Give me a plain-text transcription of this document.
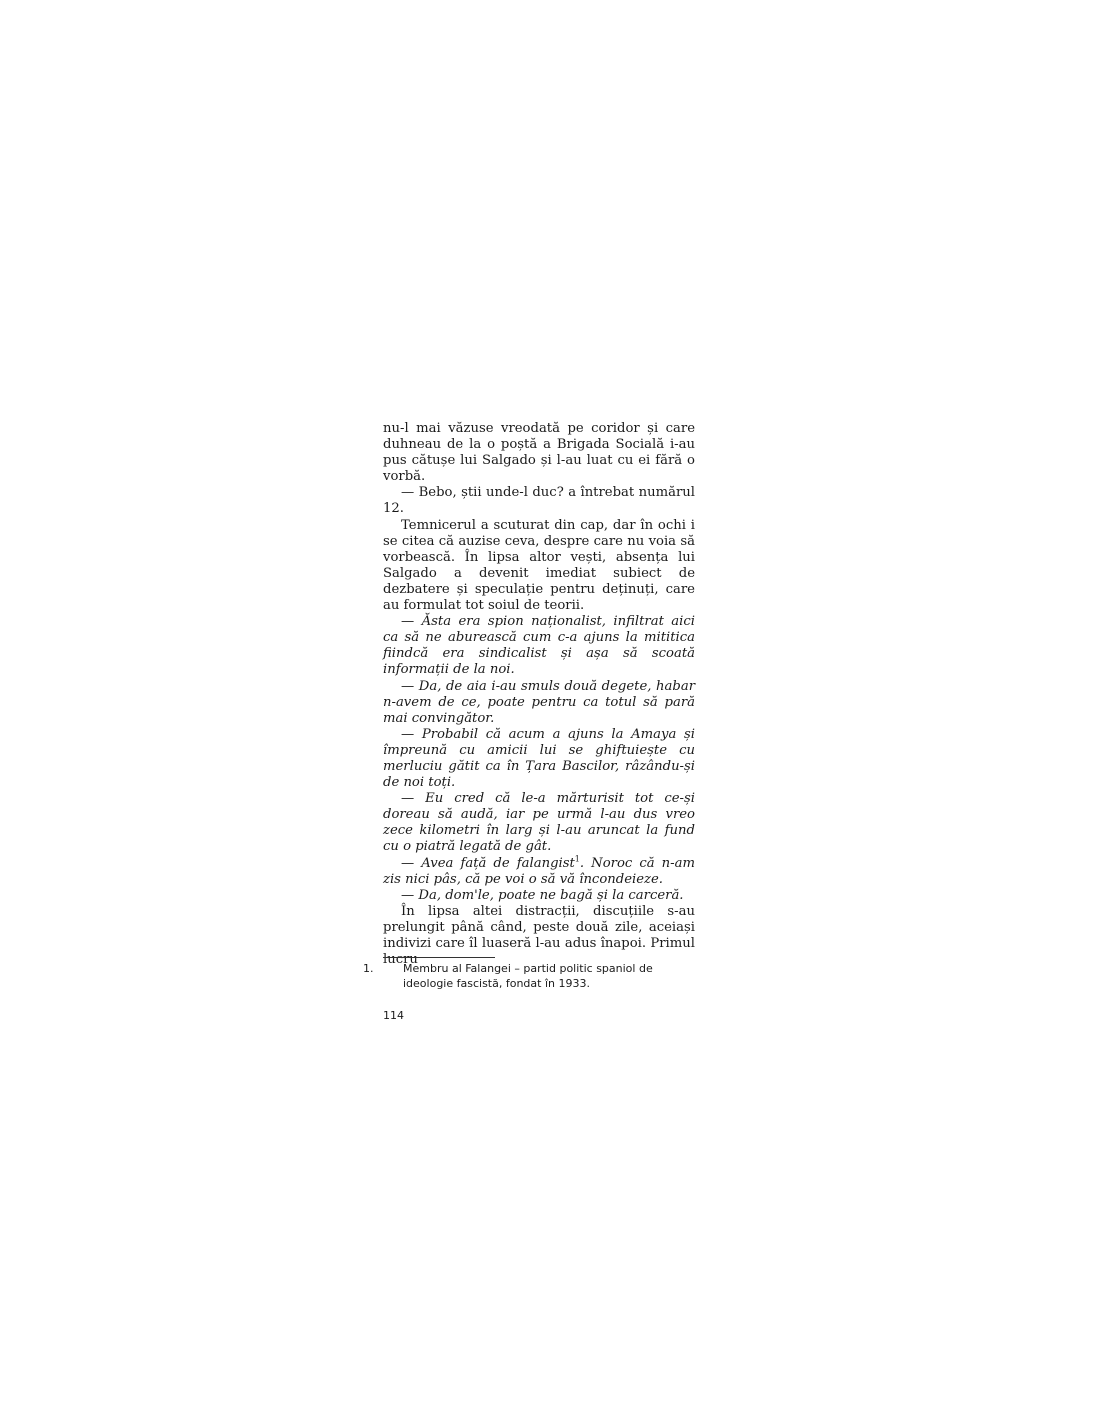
nu-l mai văzuse vreodată pe coridor și care duhneau de la o poștă a Brigada Socială i-au pus cătușe lui Salgado și l-au luat cu ei fără o vorbă.

— Bebo, știi unde-l duc? a întrebat numărul 12.

Temnicerul a scuturat din cap, dar în ochi i se citea că auzise ceva, despre care nu voia să vorbească. În lipsa altor vești, absența lui Salgado a devenit imediat subiect de dezbatere și speculație pentru deținuți, care au formulat tot soiul de teorii.

— Ăsta era spion naționalist, infiltrat aici ca să ne aburească cum c-a ajuns la mititica fiindcă era sindicalist și așa să scoată informații de la noi.

— Da, de aia i-au smuls două degete, habar n-avem de ce, poate pentru ca totul să pară mai convingător.

— Probabil că acum a ajuns la Amaya și împreună cu amicii lui se ghiftuiește cu merluciu gătit ca în Țara Bascilor, râzându-și de noi toți.

— Eu cred că le-a mărturisit tot ce-și doreau să audă, iar pe urmă l-au dus vreo zece kilometri în larg și l-au aruncat la fund cu o piatră legată de gât.

— Avea față de falangist$^1$. Noroc că n-am zis nici pâs, că pe voi o să vă încondeieze.

— Da, dom'le, poate ne bagă și la carceră.

În lipsa altei distracții, discuțiile s-au prelungit până când, peste două zile, aceiași indivizi care îl luaseră l-au adus înapoi. Primul lucru

1.	Membru al Falangei – partid politic spaniol de ideologie fascistă, fondat în 1933.
114
